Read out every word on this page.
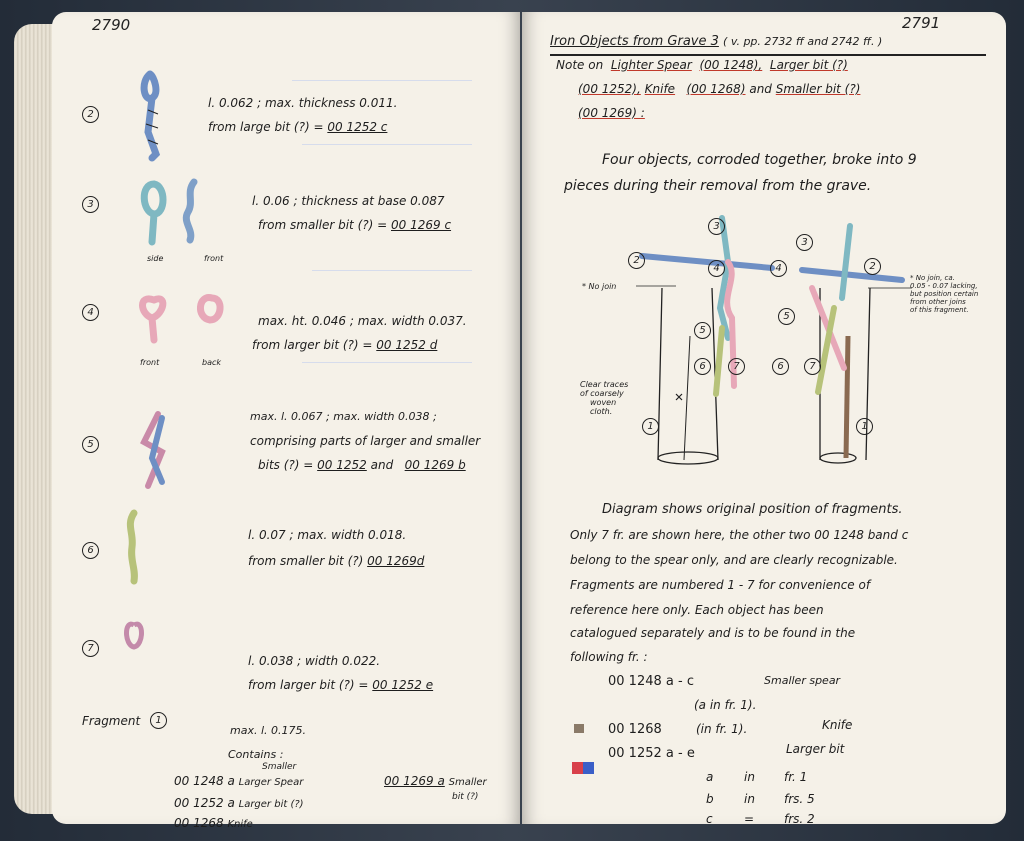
2790
2
3
4
5
6
7
side	front
front	back
l. 0.062 ; max. thickness 0.011.
from large bit (?) = 00 1252 c
l. 0.06 ; thickness at base 0.087
from smaller bit (?) = 00 1269 c
max. ht. 0.046 ; max. width 0.037.
from larger bit (?) = 00 1252 d
max. l. 0.067 ; max. width 0.038 ;
comprising parts of larger and smaller
bits (?) = 00 1252 and 00 1269 b
l. 0.07 ; max. width 0.018.
from smaller bit (?) 00 1269d
l. 0.038 ; width 0.022.
from larger bit (?) = 00 1252 e
Fragment	1
max. l. 0.175.
Contains :
Smaller
00 1248 a Larger Spear
00 1252 a Larger bit (?)
00 1268 Knife
00 1269 a Smaller
bit (?)
2791
Iron Objects from Grave 3 ( v. pp. 2732 ff and 2742 ff. )
Note on Lighter Spear (00 1248), Larger bit (?)
(00 1252), Knife (00 1268) and Smaller bit (?)
(00 1269) :
Four objects, corroded together, broke into 9
pieces during their removal from the grave.
3
2
4
5
6	7
1
3
2
4
5
6	7
1
* No join
* No join, ca.
0.05 - 0.07 lacking,
but position certain
from other joins
of this fragment.
Clear traces
of coarsely
woven
cloth.
Diagram shows original position of fragments.
Only 7 fr. are shown here, the other two 00 1248 band c
belong to the spear only, and are clearly recognizable.
Fragments are numbered 1 - 7 for convenience of
reference here only. Each object has been
catalogued separately and is to be found in the
following fr. :
00 1248 a - c	Smaller spear
(a in fr. 1).
00 1268	(in fr. 1).	Knife
00 1252 a - e	Larger bit
a	in fr. 1
b	in frs. 5
c	= frs. 2
